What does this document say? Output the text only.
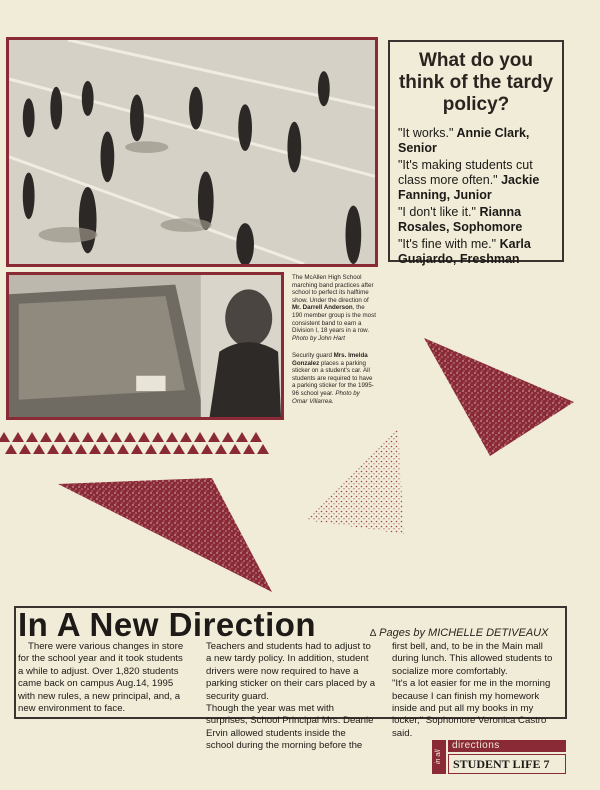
What do you think of the tardy policy?
"It works." Annie Clark, Senior
"It's making students cut class more often." Jackie Fanning, Junior
"I don't like it." Rianna Rosales, Sophomore
"It's fine with me." Karla Guajardo, Freshman
The McAllen High School marching band practices after school to perfect its halftime show. Under the direction of Mr. Darrell Anderson, the 190 member group is the most consistent band to earn a Division I, 18 years in a row. Photo by John Hart
Security guard Mrs. Imelda Gonzalez places a parking sticker on a student's car. All students are required to have a parking sticker for the 1995-96 school year. Photo by Omar Villarrea.
In A New Direction	∆ Pages by MICHELLE DETIVEAUX

There were various changes in store for the school year and it took students a while to adjust. Over 1,820 students came back on campus Aug.14, 1995 with new rules, a new principal, and, a new environment to face.

Teachers and students had to adjust to a new tardy policy. In addition, student drivers were now required to have a parking sticker on their cars placed by a security guard.

Though the year was met with surprises, School Principal Mrs. Deanie Ervin allowed students inside the school during the morning before the

first bell, and, to be in the Main mall during lunch. This allowed students to socialize more comfortably.

"It's a lot easier for me in the morning because I can finish my homework inside and put all my books in my locker," Sophomore Veronica Castro said.

in all
directions
STUDENT LIFE 7
